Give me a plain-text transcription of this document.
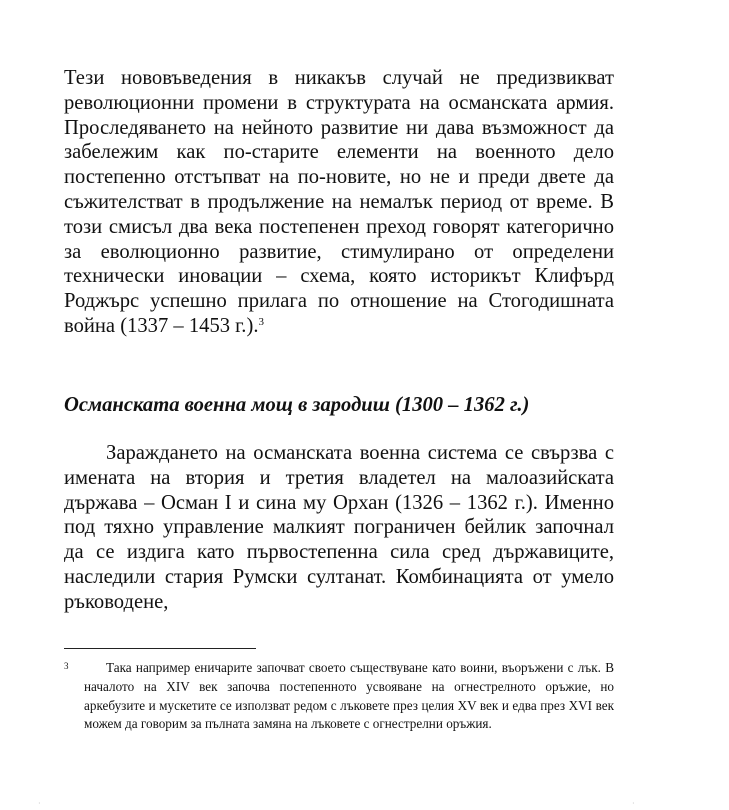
Тези нововъведения в никакъв случай не предизвикват революционни промени в структурата на османската армия. Проследяването на нейното развитие ни дава възможност да забележим как по-старите елементи на военното дело постепенно отстъпват на по-новите, но не и преди двете да съжителстват в продължение на немалък период от време. В този смисъл два века постепенен преход говорят категорично за еволюционно развитие, стимулирано от определени технически иновации – схема, която историкът Клифърд Роджърс успешно прилага по отношение на Стогодишната война (1337 – 1453 г.).$^3$

Османската военна мощ в зародиш (1300 – 1362 г.)

Зараждането на османската военна система се свързва с имената на втория и третия владетел на малоазийската държава – Осман I и сина му Орхан (1326 – 1362 г.). Именно под тяхно управление малкият пограничен бейлик започнал да се издига като първостепенна сила сред държавиците, наследили стария Румски султанат. Комбинацията от умело ръководене,

3	Така например еничарите започват своето съществуване като воини, въоръжени с лък. В началото на XIV век започва постепенното усвояване на огнестрелното оръжие, но аркебузите и мускетите се използват редом с лъковете през целия XV век и едва през XVI век можем да говорим за пълната замяна на лъковете с огнестрелни оръжия.

·	·
